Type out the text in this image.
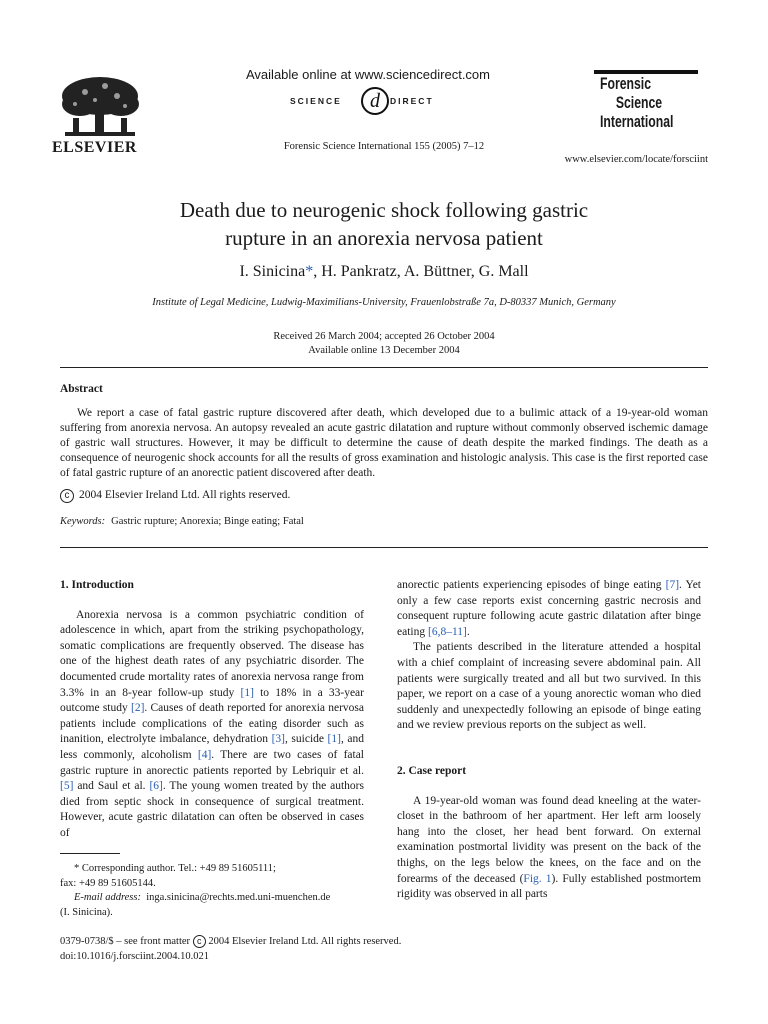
ELSEVIER
Available online at www.sciencedirect.com
d
SCIENCE	DIRECT
Forensic Science International 155 (2005) 7–12
Forensic
Science
International
www.elsevier.com/locate/forsciint
Death due to neurogenic shock following gastric
rupture in an anorexia nervosa patient
I. Sinicina*, H. Pankratz, A. Büttner, G. Mall
Institute of Legal Medicine, Ludwig-Maximilians-University, Frauenlobstraße 7a, D-80337 Munich, Germany
Received 26 March 2004; accepted 26 October 2004
Available online 13 December 2004
Abstract

We report a case of fatal gastric rupture discovered after death, which developed due to a bulimic attack of a 19-year-old woman suffering from anorexia nervosa. An autopsy revealed an acute gastric dilatation and rupture without commonly observed ischemic damage of gastric wall structures. However, it may be difficult to determine the cause of death despite the marked findings. The death as a consequence of neurogenic shock accounts for all the results of gross examination and histologic analysis. This case is the first reported case of fatal gastric rupture of an anorectic patient discovered after death.

c 2004 Elsevier Ireland Ltd. All rights reserved.
Keywords: Gastric rupture; Anorexia; Binge eating; Fatal
1. Introduction

Anorexia nervosa is a common psychiatric condition of adolescence in which, apart from the striking psychopathology, somatic complications are frequently observed. The disease has one of the highest death rates of any psychiatric disorder. The documented crude mortality rates of anorexia nervosa range from 3.3% in an 8-year follow-up study [1] to 18% in a 33-year outcome study [2]. Causes of death reported for anorexia nervosa patients include complications of the eating disorder such as inanition, electrolyte imbalance, dehydration [3], suicide [1], and less commonly, alcoholism [4]. There are two cases of fatal gastric rupture in anorectic patients reported by Lebriquir et al. [5] and Saul et al. [6]. The young women treated by the authors died from septic shock in consequence of surgical treatment. However, acute gastric dilatation can often be observed in cases of

* Corresponding author. Tel.: +49 89 51605111;
fax: +49 89 51605144.
E-mail address: inga.sinicina@rechts.med.uni-muenchen.de
(I. Sinicina).

anorectic patients experiencing episodes of binge eating [7]. Yet only a few case reports exist concerning gastric necrosis and consequent rupture following acute gastric dilatation after binge eating [6,8–11].

The patients described in the literature attended a hospital with a chief complaint of increasing severe abdominal pain. All patients were surgically treated and all but two survived. In this paper, we report on a case of a young anorectic woman who died suddenly and unexpectedly following an episode of binge eating and we review previous reports on the subject as well.

2. Case report

A 19-year-old woman was found dead kneeling at the water-closet in the bathroom of her apartment. Her left arm loosely hang into the closet, her head bent forward. On external examination postmortal lividity was present on the back of the thighs, on the legs below the knees, on the face and on the forearms of the deceased (Fig. 1). Fully established postmortem rigidity was observed in all parts

0379-0738/$ – see front matter c 2004 Elsevier Ireland Ltd. All rights reserved.
doi:10.1016/j.forsciint.2004.10.021
